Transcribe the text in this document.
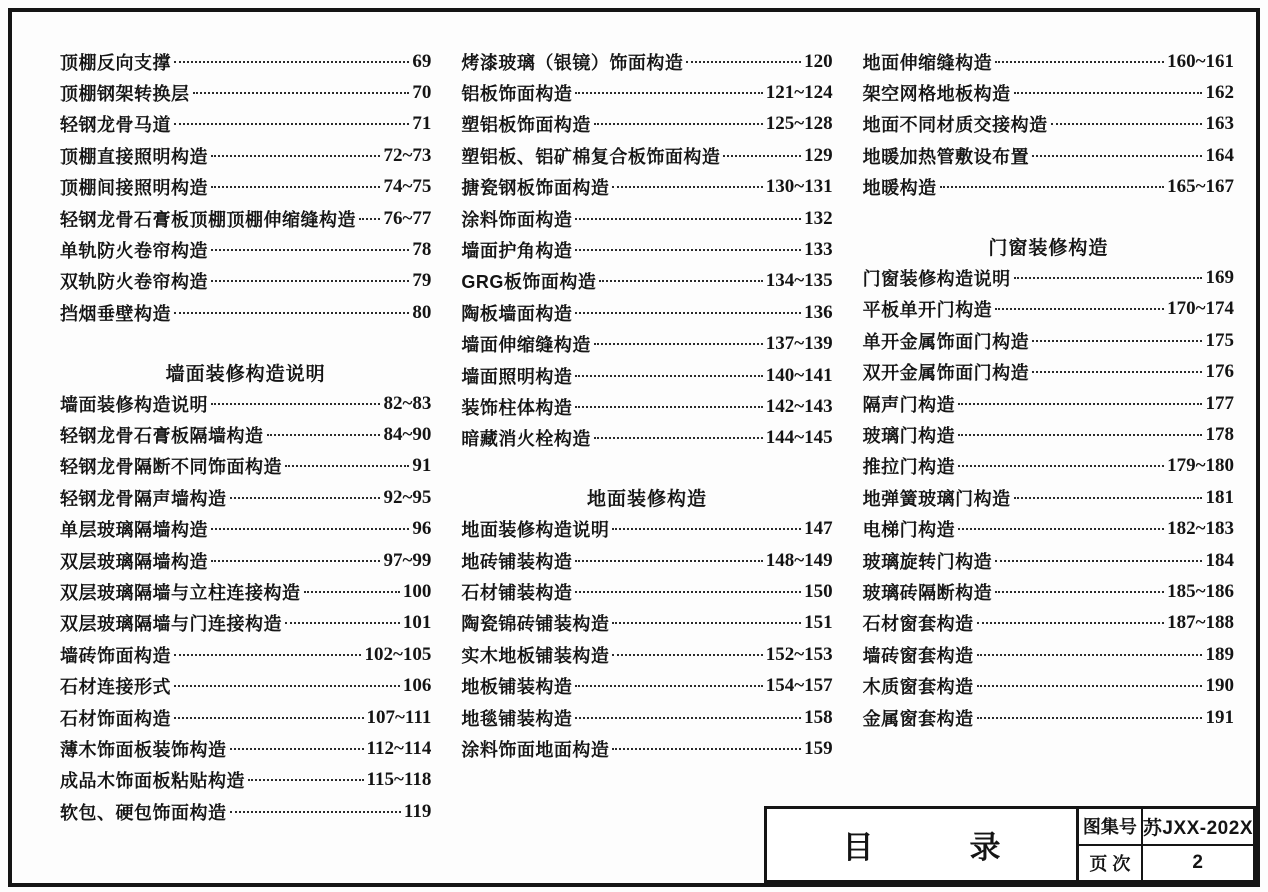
顶棚反向支撑	69
顶棚钢架转换层	70
轻钢龙骨马道	71
顶棚直接照明构造	72~73
顶棚间接照明构造	74~75
轻钢龙骨石膏板顶棚顶棚伸缩缝构造 76~77
单轨防火卷帘构造	78
双轨防火卷帘构造	79
挡烟垂壁构造	80
墙面装修构造说明
墙面装修构造说明	82~83
轻钢龙骨石膏板隔墙构造	84~90
轻钢龙骨隔断不同饰面构造	91
轻钢龙骨隔声墙构造	92~95
单层玻璃隔墙构造	96
双层玻璃隔墙构造	97~99
双层玻璃隔墙与立柱连接构造	100
双层玻璃隔墙与门连接构造	101
墙砖饰面构造	102~105
石材连接形式	106
石材饰面构造	107~111
薄木饰面板装饰构造	112~114
成品木饰面板粘贴构造	115~118
软包、硬包饰面构造	119
烤漆玻璃（银镜）饰面构造	120
铝板饰面构造	121~124
塑铝板饰面构造	125~128
塑铝板、铝矿棉复合板饰面构造	129
搪瓷钢板饰面构造	130~131
涂料饰面构造	132
墙面护角构造	133
GRG板饰面构造	134~135
陶板墙面构造	136
墙面伸缩缝构造	137~139
墙面照明构造	140~141
装饰柱体构造	142~143
暗藏消火栓构造	144~145
地面装修构造
地面装修构造说明	147
地砖铺装构造	148~149
石材铺装构造	150
陶瓷锦砖铺装构造	151
实木地板铺装构造	152~153
地板铺装构造	154~157
地毯铺装构造	158
涂料饰面地面构造	159
地面伸缩缝构造	160~161
架空网格地板构造	162
地面不同材质交接构造	163
地暖加热管敷设布置	164
地暖构造	165~167
门窗装修构造
门窗装修构造说明	169
平板单开门构造	170~174
单开金属饰面门构造	175
双开金属饰面门构造	176
隔声门构造	177
玻璃门构造	178
推拉门构造	179~180
地弹簧玻璃门构造	181
电梯门构造	182~183
玻璃旋转门构造	184
玻璃砖隔断构造	185~186
石材窗套构造	187~188
墙砖窗套构造	189
木质窗套构造	190
金属窗套构造	191
目	录
图集号 苏JXX-202X
页 次	2
